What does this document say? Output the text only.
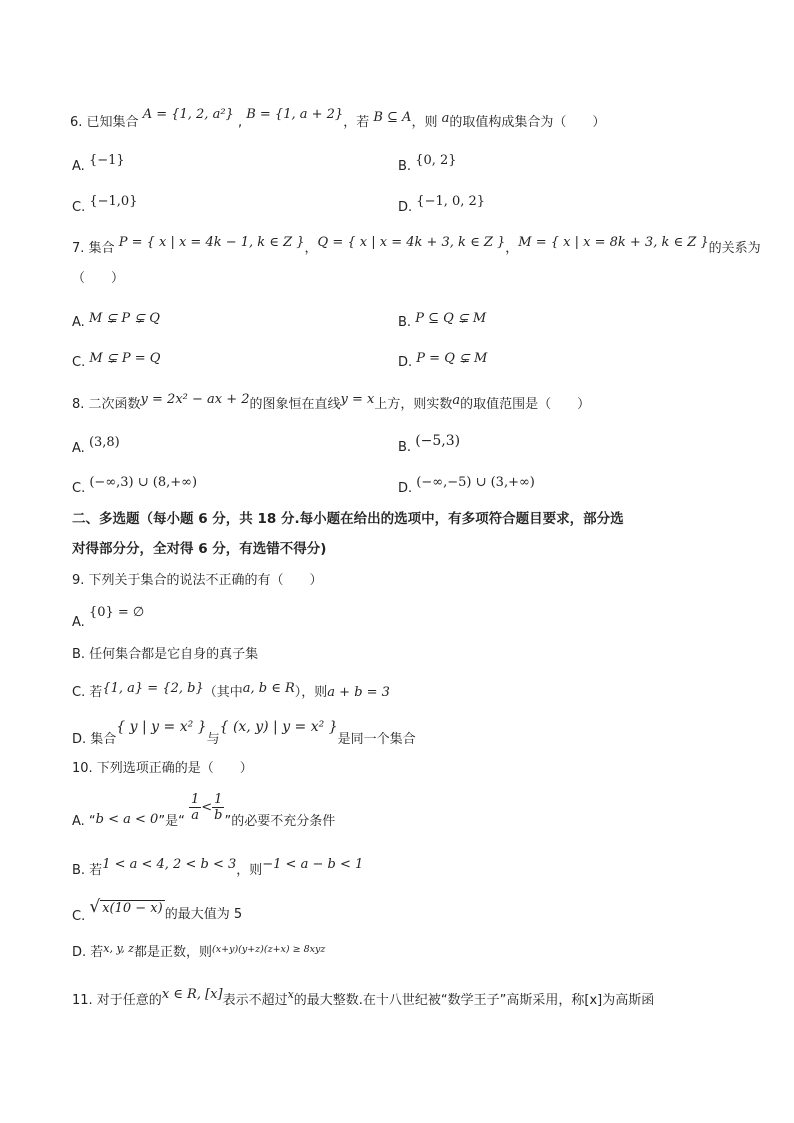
6. 已知集合 A = {1, 2, a²} , B = {1, a + 2}，若 B ⊆ A，则 a的取值构成集合为（　　）
A. {−1}	B. {0, 2}
C. {−1,0}	D. {−1, 0, 2}
7. 集合 P = { x | x = 4k − 1, k ∈ Z }，Q = { x | x = 4k + 3, k ∈ Z }，M = { x | x = 8k + 3, k ∈ Z }的关系为
（　　）
A. M ⊊ P ⊊ Q	B. P ⊆ Q ⊊ M
C. M ⊊ P = Q	D. P = Q ⊊ M
8. 二次函数y = 2x² − ax + 2的图象恒在直线y = x上方，则实数a的取值范围是（　　）
A. (3,8)	B. (−5,3)
C. (−∞,3) ∪ (8,+∞)	D. (−∞,−5) ∪ (3,+∞)
二、多选题（每小题 6 分，共 18 分.每小题在给出的选项中，有多项符合题目要求，部分选
对得部分分，全对得 6 分，有选错不得分)
9. 下列关于集合的说法不正确的有（　　）
A. {0} = ∅
B. 任何集合都是它自身的真子集
C. 若{1, a} = {2, b}（其中a, b ∈ R），则a + b = 3
D. 集合{ y | y = x² }与{ (x, y) | y = x² }是同一个集合
10. 下列选项正确的是（　　）
A. “b < a < 0”是“ $\frac{1}{a} < \frac{1}{b}$ ”的必要不充分条件
B. 若1 < a < 4, 2 < b < 3，则−1 < a − b < 1
C. √ x(10 − x) 的最大值为 5
D. 若x, y, z都是正数，则(x+y)(y+z)(z+x) ≥ 8xyz
11. 对于任意的x ∈ R, [x]表示不超过x的最大整数.在十八世纪被“数学王子”高斯采用，称[x]为高斯函
